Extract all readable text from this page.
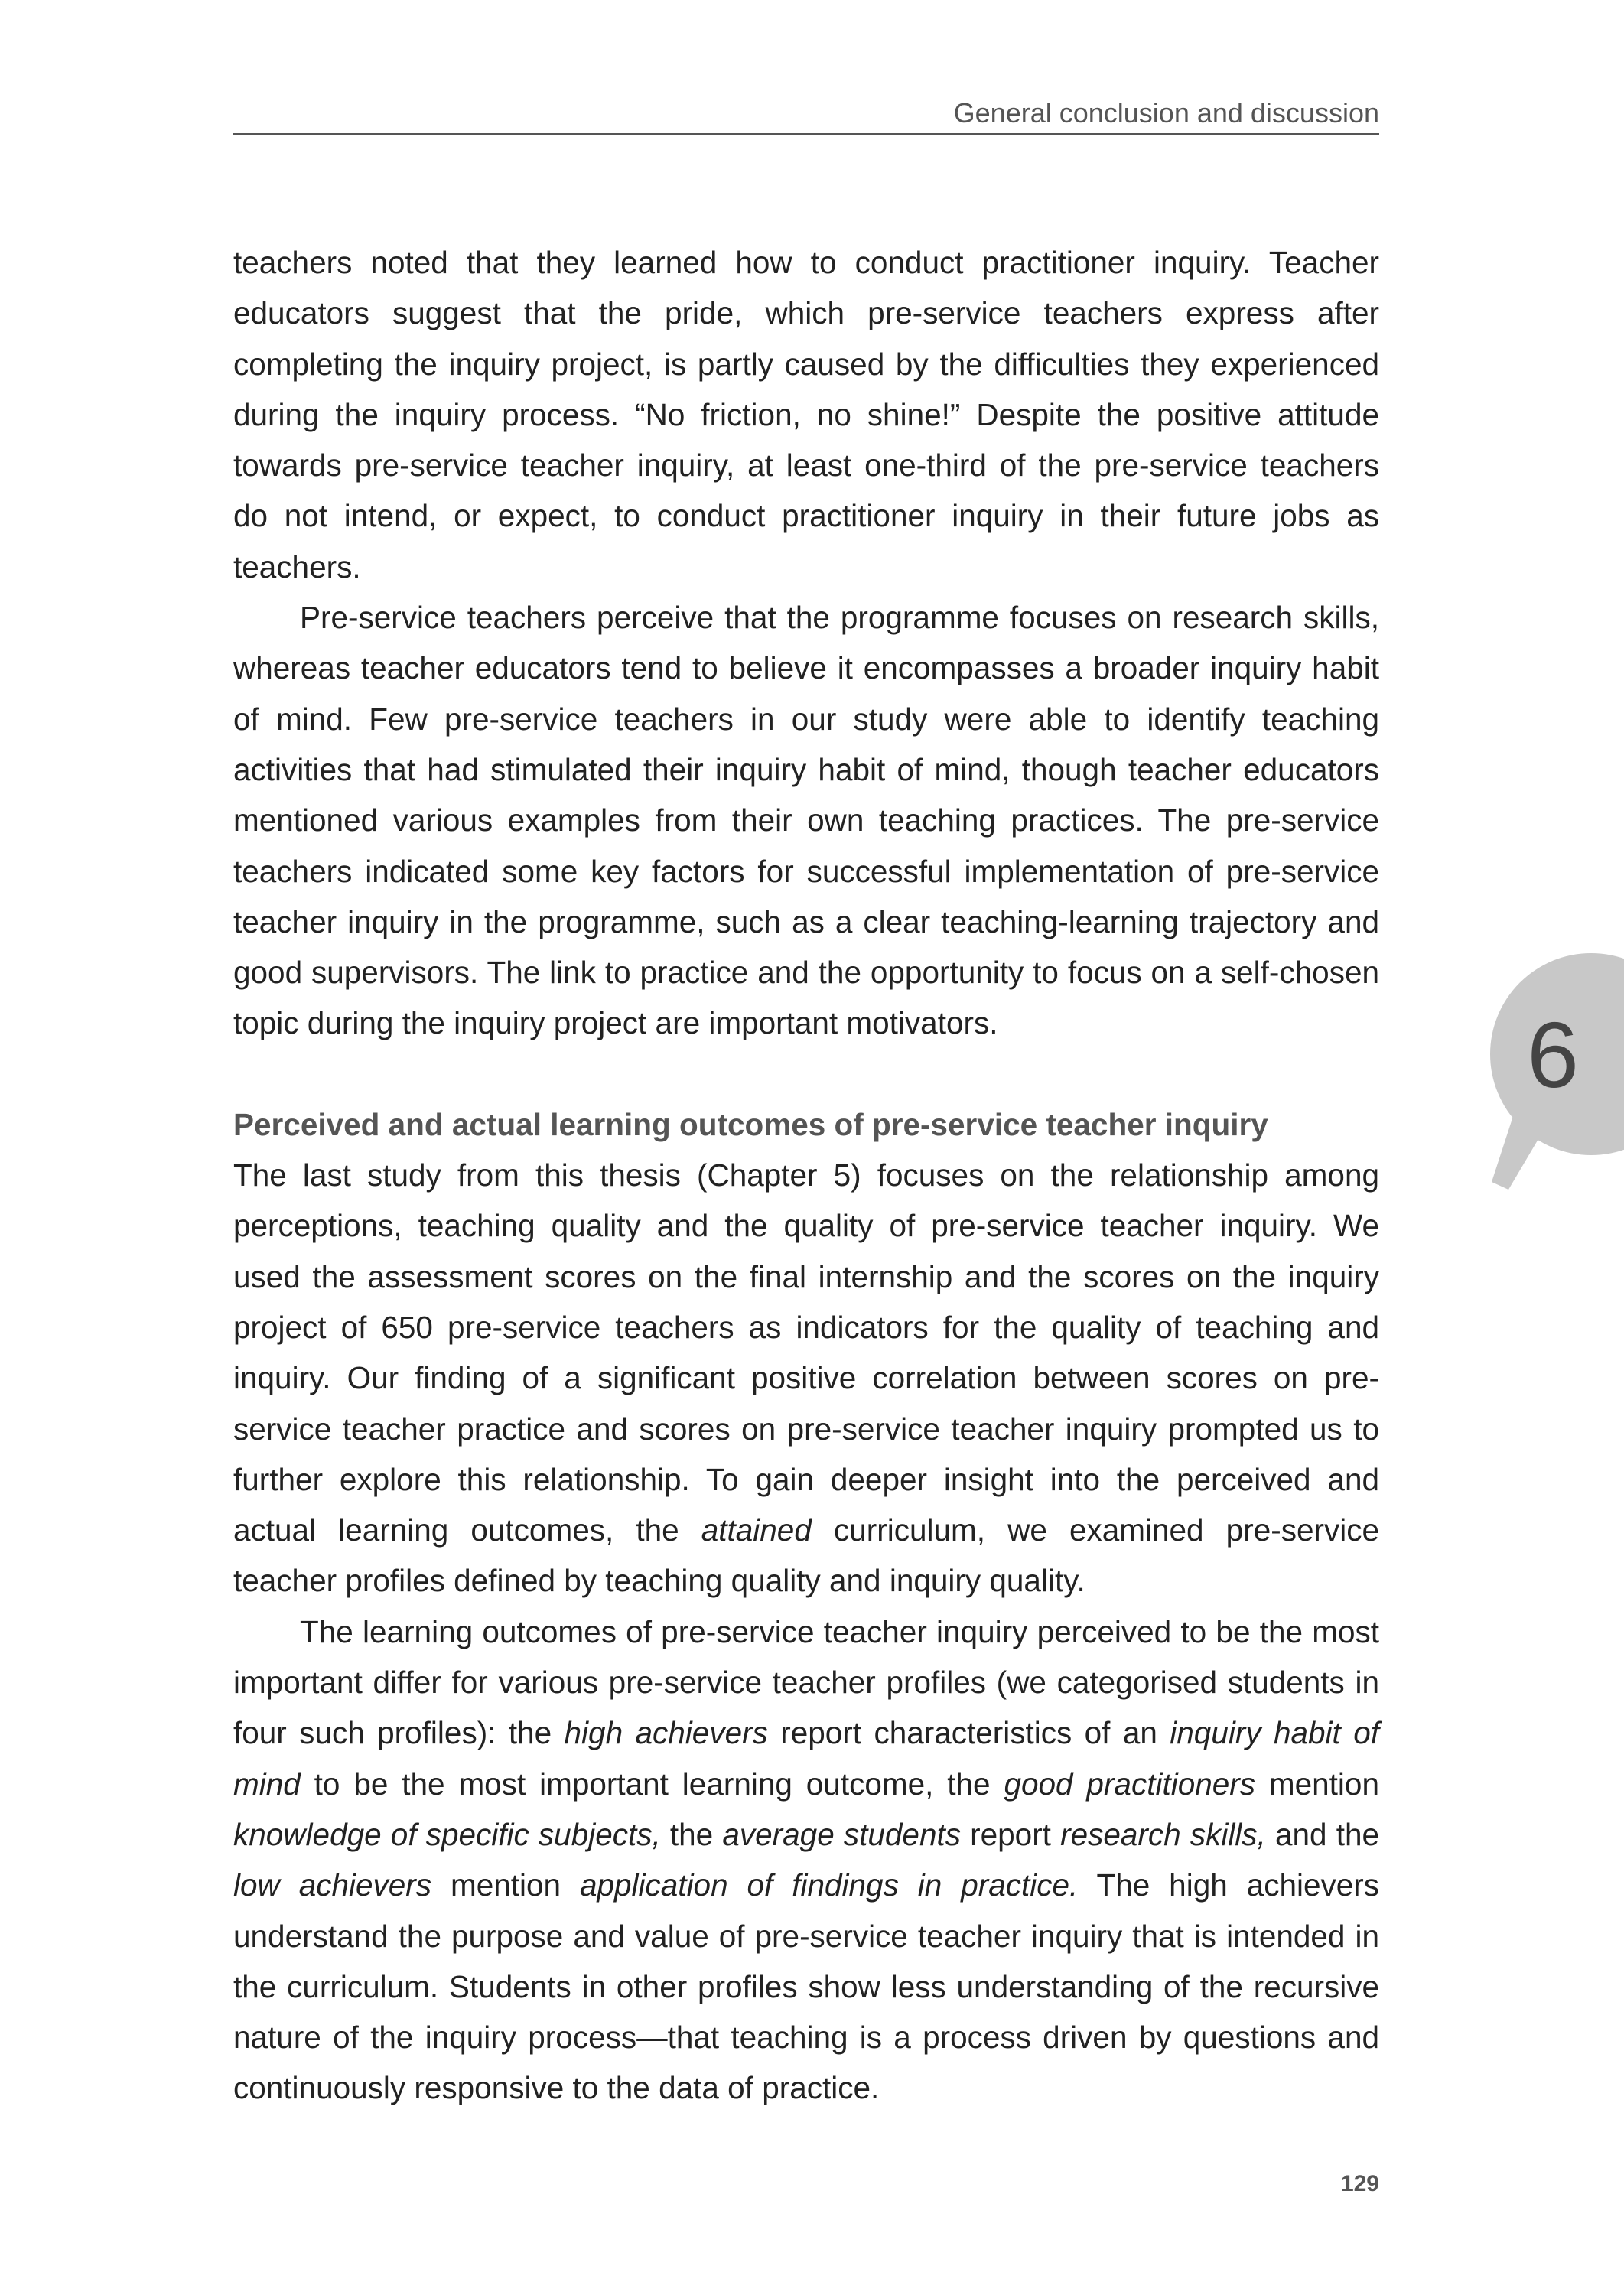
General conclusion and discussion

teachers noted that they learned how to conduct practitioner inquiry. Teacher educators suggest that the pride, which pre-service teachers express after completing the inquiry project, is partly caused by the difficulties they experienced during the inquiry process. “No friction, no shine!” Despite the positive attitude towards pre-service teacher inquiry, at least one-third of the pre-service teachers do not intend, or expect, to conduct practitioner inquiry in their future jobs as teachers.

Pre-service teachers perceive that the programme focuses on research skills, whereas teacher educators tend to believe it encompasses a broader inquiry habit of mind. Few pre-service teachers in our study were able to identify teaching activities that had stimulated their inquiry habit of mind, though teacher educators mentioned various examples from their own teaching practices. The pre-service teachers indicated some key factors for successful implementation of pre-service teacher inquiry in the programme, such as a clear teaching-learning trajectory and good supervisors. The link to practice and the opportunity to focus on a self-chosen topic during the inquiry project are important motivators.

Perceived and actual learning outcomes of pre-service teacher inquiry

The last study from this thesis (Chapter 5) focuses on the relationship among perceptions, teaching quality and the quality of pre-service teacher inquiry. We used the assessment scores on the final internship and the scores on the inquiry project of 650 pre-service teachers as indicators for the quality of teaching and inquiry. Our finding of a significant positive correlation between scores on pre-service teacher practice and scores on pre-service teacher inquiry prompted us to further explore this relationship. To gain deeper insight into the perceived and actual learning outcomes, the attained curriculum, we examined pre-service teacher profiles defined by teaching quality and inquiry quality.

The learning outcomes of pre-service teacher inquiry perceived to be the most important differ for various pre-service teacher profiles (we categorised students in four such profiles): the high achievers report characteristics of an inquiry habit of mind to be the most important learning outcome, the good practitioners mention knowledge of specific subjects, the average students report research skills, and the low achievers mention application of findings in practice. The high achievers understand the purpose and value of pre-service teacher inquiry that is intended in the curriculum. Students in other profiles show less understanding of the recursive nature of the inquiry process—that teaching is a process driven by questions and continuously responsive to the data of practice.

6
129
